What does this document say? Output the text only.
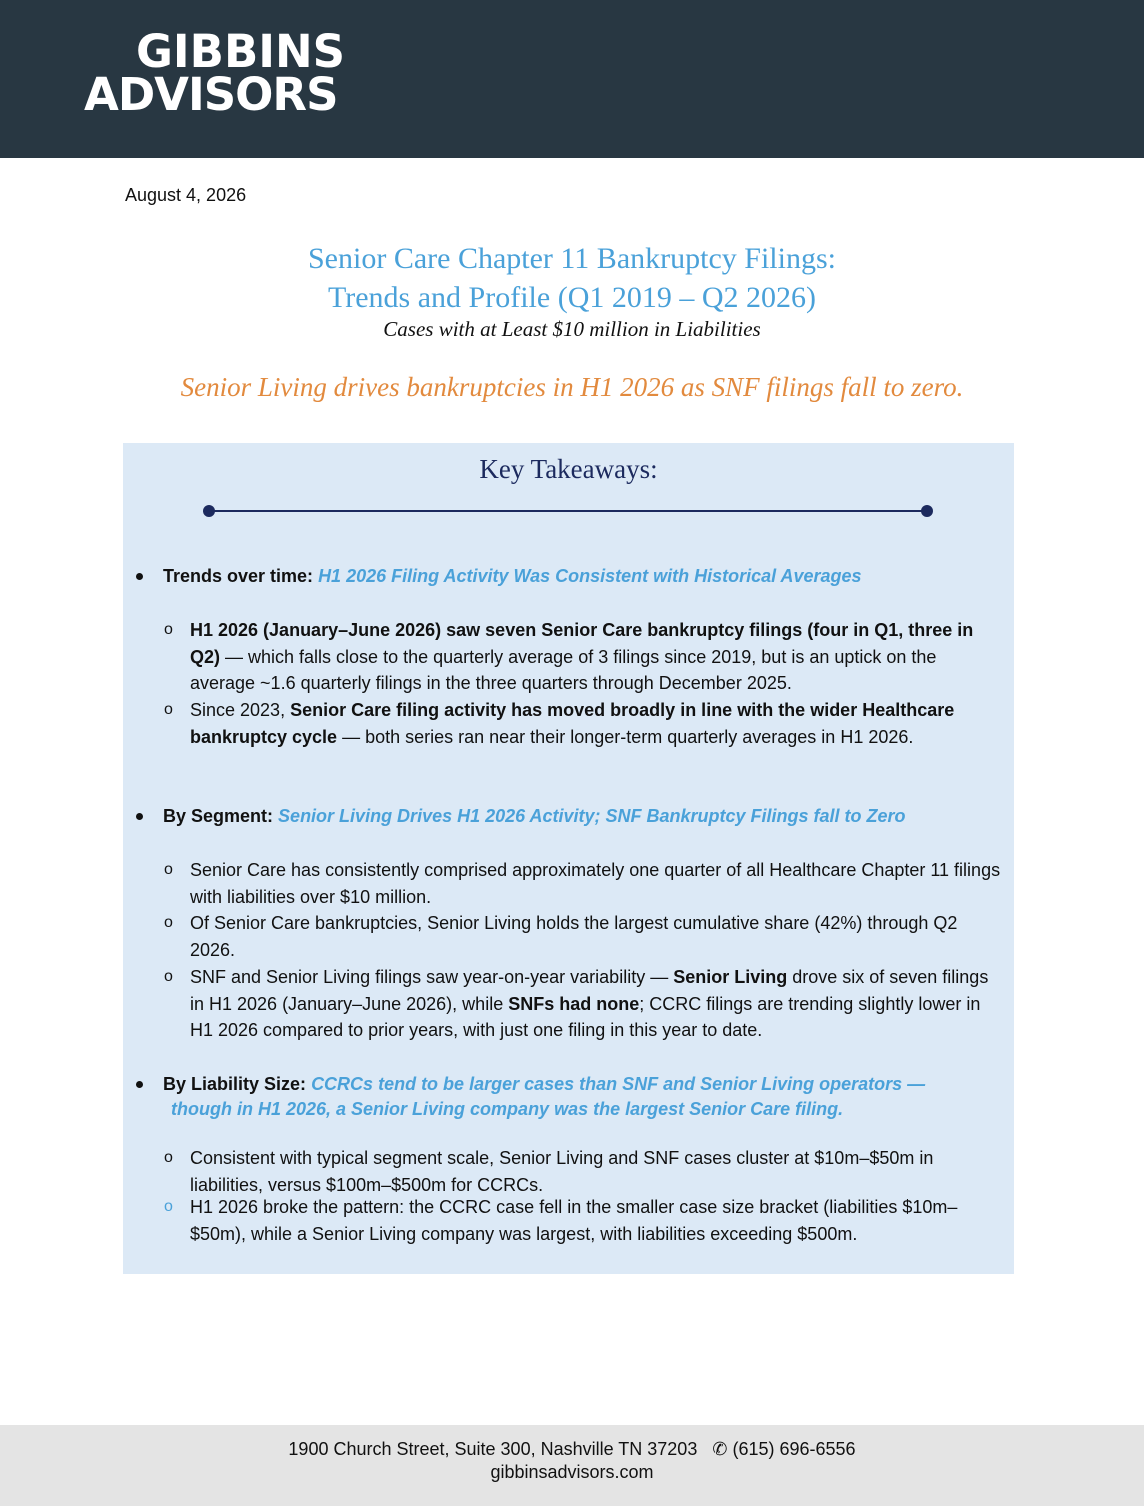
GIBBINS
ADVISORS
August 4, 2026
Senior Care Chapter 11 Bankruptcy Filings:
Trends and Profile (Q1 2019 – Q2 2026)
Cases with at Least $10 million in Liabilities
Senior Living drives bankruptcies in H1 2026 as SNF filings fall to zero.
Key Takeaways:
Trends over time: H1 2026 Filing Activity Was Consistent with Historical Averages
o H1 2026 (January–June 2026) saw seven Senior Care bankruptcy filings (four in Q1, three in Q2) — which falls close to the quarterly average of 3 filings since 2019, but is an uptick on the average ~1.6 quarterly filings in the three quarters through December 2025.
o Since 2023, Senior Care filing activity has moved broadly in line with the wider Healthcare bankruptcy cycle — both series ran near their longer-term quarterly averages in H1 2026.
By Segment: Senior Living Drives H1 2026 Activity; SNF Bankruptcy Filings fall to Zero
o Senior Care has consistently comprised approximately one quarter of all Healthcare Chapter 11 filings with liabilities over $10 million.
o Of Senior Care bankruptcies, Senior Living holds the largest cumulative share (42%) through Q2 2026.
o SNF and Senior Living filings saw year-on-year variability — Senior Living drove six of seven filings in H1 2026 (January–June 2026), while SNFs had none; CCRC filings are trending slightly lower in H1 2026 compared to prior years, with just one filing in this year to date.
By Liability Size: CCRCs tend to be larger cases than SNF and Senior Living operators —
though in H1 2026, a Senior Living company was the largest Senior Care filing.
o Consistent with typical segment scale, Senior Living and SNF cases cluster at $10m–$50m in liabilities, versus $100m–$500m for CCRCs.
o H1 2026 broke the pattern: the CCRC case fell in the smaller case size bracket (liabilities $10m–$50m), while a Senior Living company was largest, with liabilities exceeding $500m.
1900 Church Street, Suite 300, Nashville TN 37203 ✆ (615) 696-6556
gibbinsadvisors.com
